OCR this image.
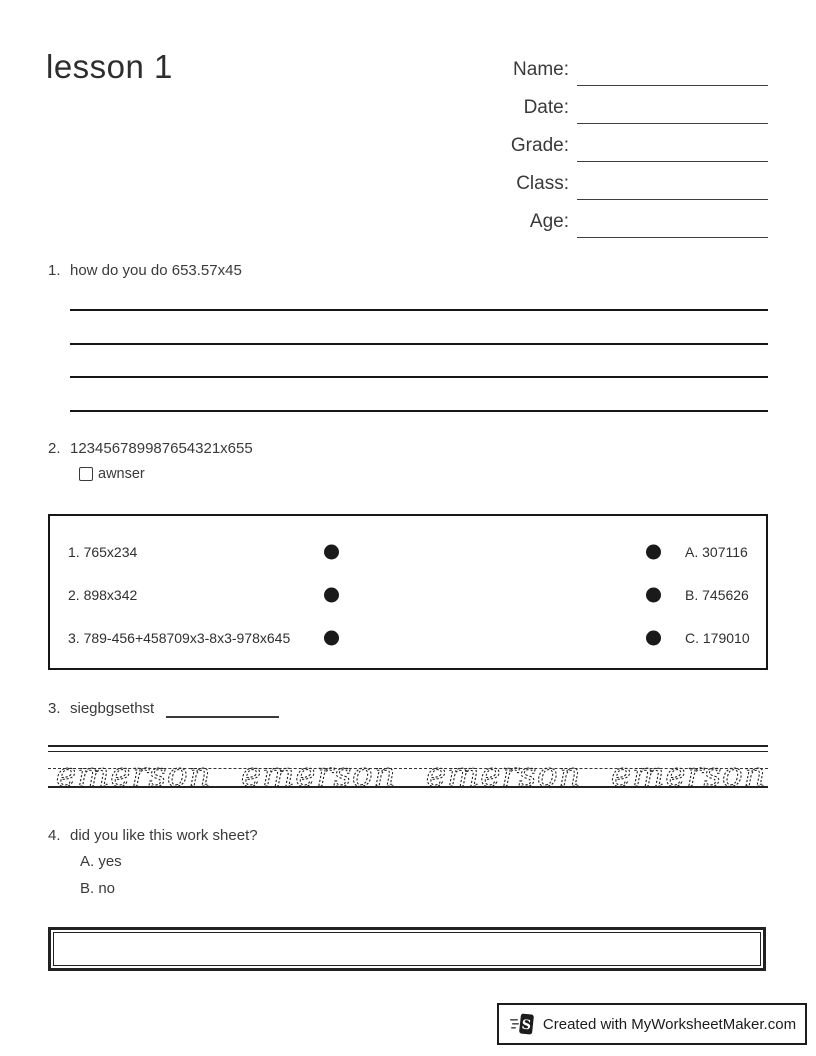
lesson 1	Name:
Date:
Grade:
Class:
Age:
1. how do you do 653.57x45
2. 123456789987654321x655
awnser
1. 765x234	A. 307116
2. 898x342	B. 745626
3. 789-456+458709x3-8x3-978x645	C. 179010
3. siegbgsethst
emerson emerson emerson emerson
4. did you like this work sheet?
A. yes
B. no
S Created with MyWorksheetMaker.com
